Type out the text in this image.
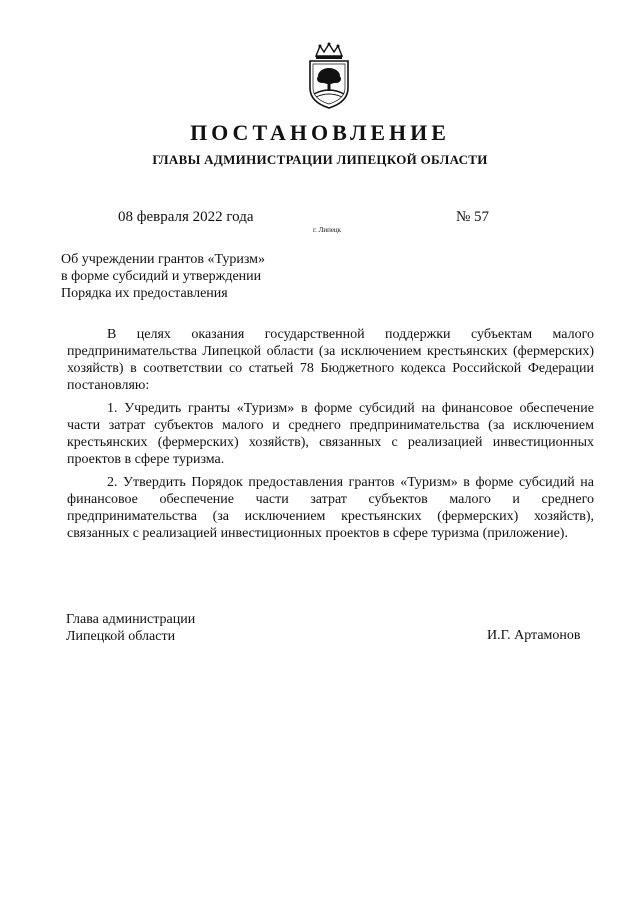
ПОСТАНОВЛЕНИЕ
ГЛАВЫ АДМИНИСТРАЦИИ ЛИПЕЦКОЙ ОБЛАСТИ
08 февраля 2022 года
г. Липецк
№ 57
Об учреждении грантов «Туризм»
в форме субсидий и утверждении
Порядка их предоставления

В целях оказания государственной поддержки субъектам малого предпринимательства Липецкой области (за исключением крестьянских (фермерских) хозяйств) в соответствии со статьей 78 Бюджетного кодекса Российской Федерации постановляю:

1. Учредить гранты «Туризм» в форме субсидий на финансовое обеспечение части затрат субъектов малого и среднего предпринимательства (за исключением крестьянских (фермерских) хозяйств), связанных с реализацией инвестиционных проектов в сфере туризма.

2. Утвердить Порядок предоставления грантов «Туризм» в форме субсидий на финансовое обеспечение части затрат субъектов малого и среднего предпринимательства (за исключением крестьянских (фермерских) хозяйств), связанных с реализацией инвестиционных проектов в сфере туризма (приложение).

Глава администрации
Липецкой области	И.Г. Артамонов
